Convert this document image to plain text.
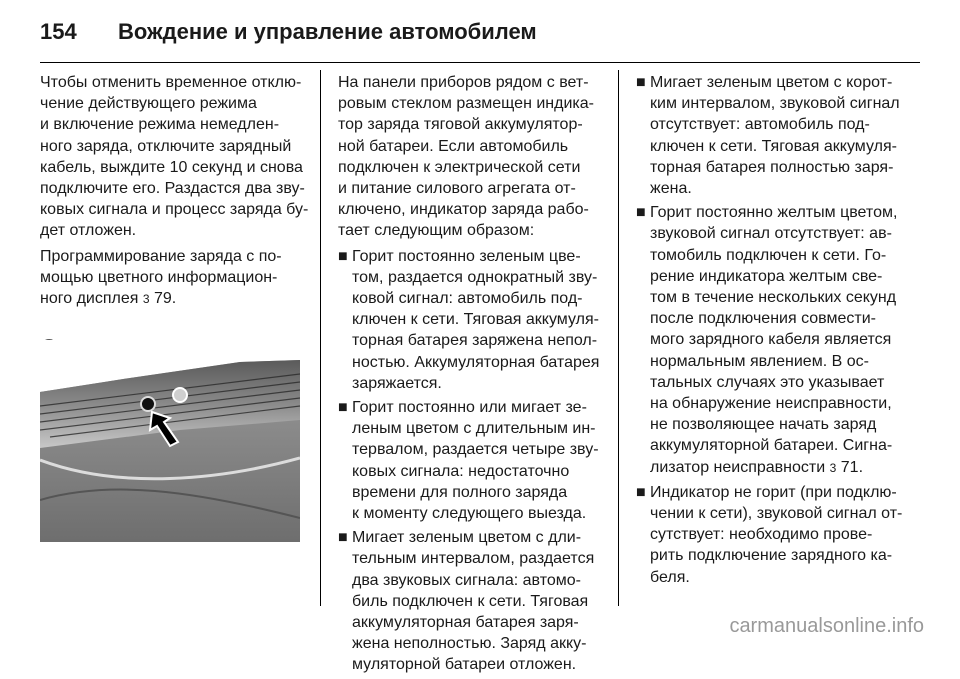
154	Вождение и управление автомобилем

Чтобы отменить временное отклю-
чение действующего режима
и включение режима немедлен-
ного заряда, отключите зарядный
кабель, выждите 10 секунд и снова
подключите его. Раздастся два зву-
ковых сигнала и процесс заряда бу-
дет отложен.

Программирование заряда с по-
мощью цветного информацион-
ного дисплея 3 79.

На панели приборов рядом с вет-
ровым стеклом размещен индика-
тор заряда тяговой аккумулятор-
ной батареи. Если автомобиль
подключен к электрической сети
и питание силового агрегата от-
ключено, индикатор заряда рабо-
тает следующим образом:

■ Горит постоянно зеленым цве-
том, раздается однократный зву-
ковой сигнал: автомобиль под-
ключен к сети. Тяговая аккумуля-
торная батарея заряжена непол-
ностью. Аккумуляторная батарея
заряжается.
■ Горит постоянно или мигает зе-
леным цветом с длительным ин-
тервалом, раздается четыре зву-
ковых сигнала: недостаточно
времени для полного заряда
к моменту следующего выезда.
■ Мигает зеленым цветом с дли-
тельным интервалом, раздается
два звуковых сигнала: автомо-
биль подключен к сети. Тяговая
аккумуляторная батарея заря-
жена неполностью. Заряд акку-
муляторной батареи отложен.
■ Мигает зеленым цветом с корот-
ким интервалом, звуковой сигнал
отсутствует: автомобиль под-
ключен к сети. Тяговая аккумуля-
торная батарея полностью заря-
жена.
■ Горит постоянно желтым цветом,
звуковой сигнал отсутствует: ав-
томобиль подключен к сети. Го-
рение индикатора желтым све-
том в течение нескольких секунд
после подключения совмести-
мого зарядного кабеля является
нормальным явлением. В ос-
тальных случаях это указывает
на обнаружение неисправности,
не позволяющее начать заряд
аккумуляторной батареи. Сигна-
лизатор неисправности 3 71.
■ Индикатор не горит (при подклю-
чении к сети), звуковой сигнал от-
сутствует: необходимо прове-
рить подключение зарядного ка-
беля.
carmanualsonline.info
